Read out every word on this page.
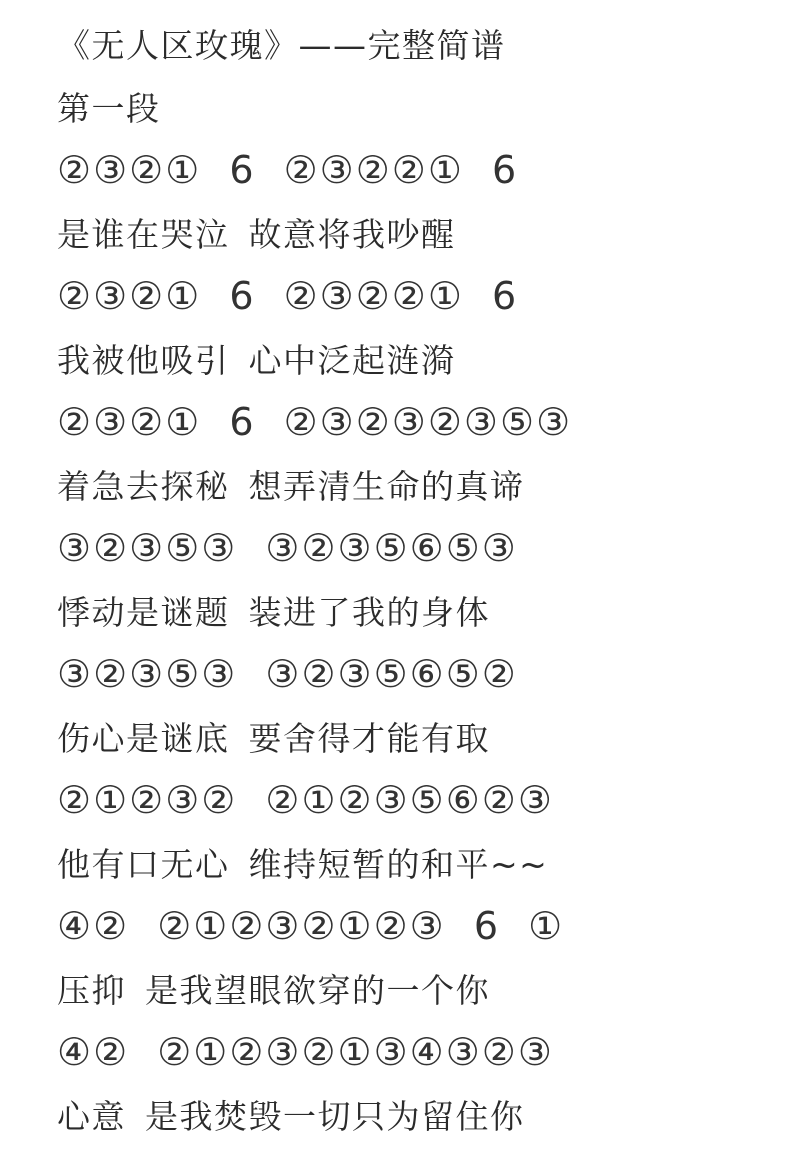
《无人区玫瑰》——完整简谱
第一段
②③②① 6 ②③②②① 6
是谁在哭泣 故意将我吵醒
②③②① 6 ②③②②① 6
我被他吸引 心中泛起涟漪
②③②① 6 ②③②③②③⑤③
着急去探秘 想弄清生命的真谛
③②③⑤③ ③②③⑤⑥⑤③
悸动是谜题 装进了我的身体
③②③⑤③ ③②③⑤⑥⑤②
伤心是谜底 要舍得才能有取
②①②③② ②①②③⑤⑥②③
他有口无心 维持短暂的和平~~
④② ②①②③②①②③ 6 ①
压抑 是我望眼欲穿的一个你
④② ②①②③②①③④③②③
心意 是我焚毁一切只为留住你
